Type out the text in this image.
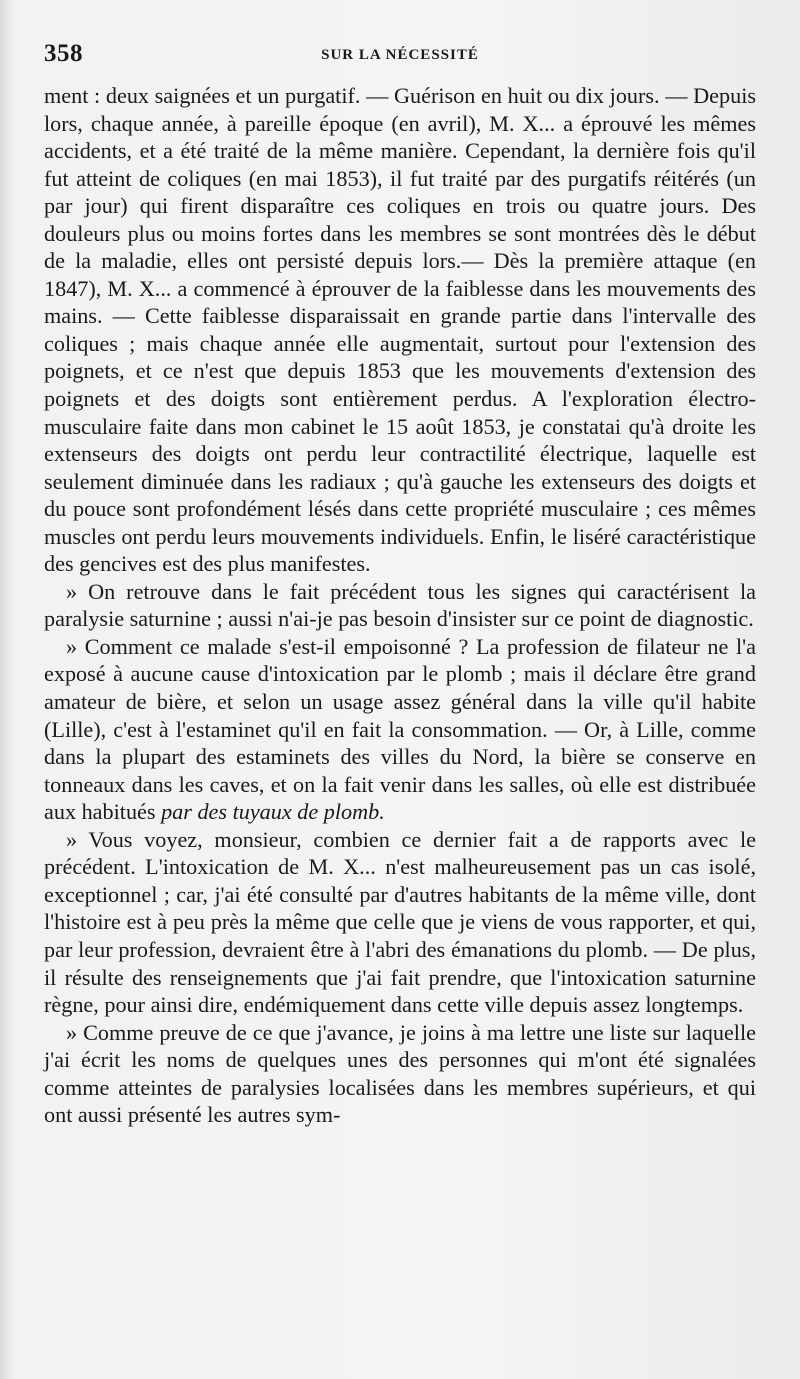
358	SUR LA NÉCESSITÉ

ment : deux saignées et un purgatif. — Guérison en huit ou dix jours. — Depuis lors, chaque année, à pareille époque (en avril), M. X... a éprouvé les mêmes accidents, et a été traité de la même manière. Cependant, la dernière fois qu'il fut atteint de coliques (en mai 1853), il fut traité par des purgatifs réitérés (un par jour) qui firent disparaître ces coliques en trois ou quatre jours. Des douleurs plus ou moins fortes dans les membres se sont montrées dès le début de la maladie, elles ont persisté depuis lors.— Dès la première attaque (en 1847), M. X... a commencé à éprouver de la faiblesse dans les mouvements des mains. — Cette faiblesse disparaissait en grande partie dans l'intervalle des coliques ; mais chaque année elle augmentait, surtout pour l'extension des poignets, et ce n'est que depuis 1853 que les mouvements d'extension des poignets et des doigts sont entièrement perdus. A l'exploration électro-musculaire faite dans mon cabinet le 15 août 1853, je constatai qu'à droite les extenseurs des doigts ont perdu leur contractilité électrique, laquelle est seulement diminuée dans les radiaux ; qu'à gauche les extenseurs des doigts et du pouce sont profondément lésés dans cette propriété musculaire ; ces mêmes muscles ont perdu leurs mouvements individuels. Enfin, le liséré caractéristique des gencives est des plus manifestes.

» On retrouve dans le fait précédent tous les signes qui caractérisent la paralysie saturnine ; aussi n'ai-je pas besoin d'insister sur ce point de diagnostic.

» Comment ce malade s'est-il empoisonné ? La profession de filateur ne l'a exposé à aucune cause d'intoxication par le plomb ; mais il déclare être grand amateur de bière, et selon un usage assez général dans la ville qu'il habite (Lille), c'est à l'estaminet qu'il en fait la consommation. — Or, à Lille, comme dans la plupart des estaminets des villes du Nord, la bière se conserve en tonneaux dans les caves, et on la fait venir dans les salles, où elle est distribuée aux habitués par des tuyaux de plomb.

» Vous voyez, monsieur, combien ce dernier fait a de rapports avec le précédent. L'intoxication de M. X... n'est malheureusement pas un cas isolé, exceptionnel ; car, j'ai été consulté par d'autres habitants de la même ville, dont l'histoire est à peu près la même que celle que je viens de vous rapporter, et qui, par leur profession, devraient être à l'abri des émanations du plomb. — De plus, il résulte des renseignements que j'ai fait prendre, que l'intoxication saturnine règne, pour ainsi dire, endémiquement dans cette ville depuis assez longtemps.

» Comme preuve de ce que j'avance, je joins à ma lettre une liste sur laquelle j'ai écrit les noms de quelques unes des personnes qui m'ont été signalées comme atteintes de paralysies localisées dans les membres supérieurs, et qui ont aussi présenté les autres sym-
